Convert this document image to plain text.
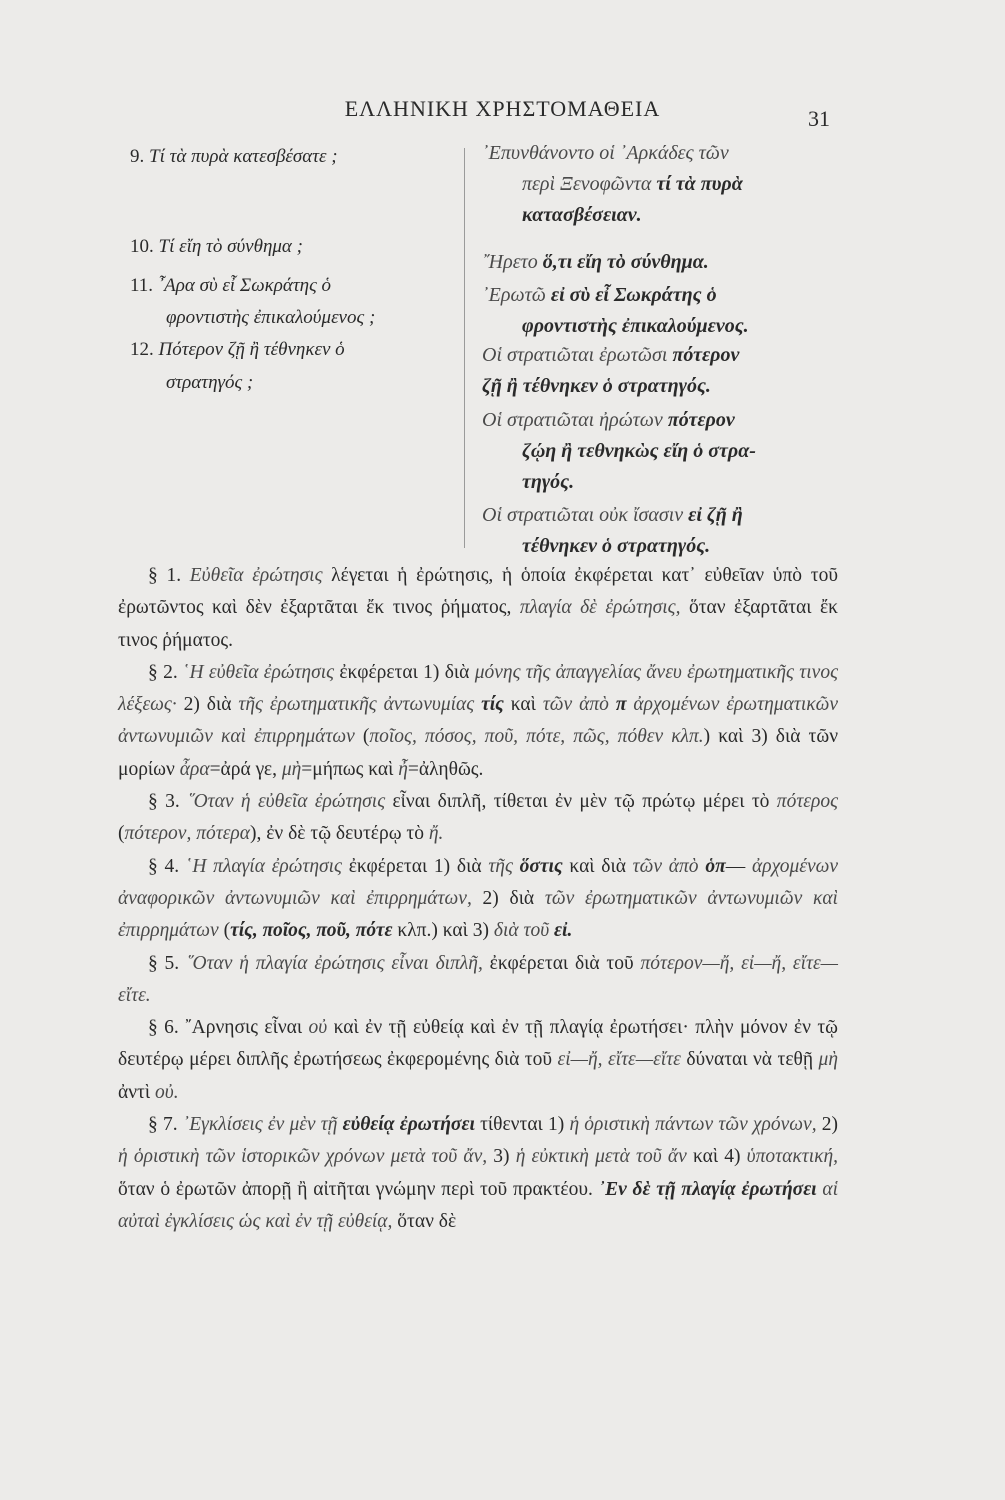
ΕΛΛΗΝΙΚΗ ΧΡΗΣΤΟΜΑΘΕΙΑ	31
9. Τί τὰ πυρὰ κατεσβέσατε ;
10. Τί εἴη τὸ σύνθημα ;
11. ῏Αρα σὺ εἶ Σωκράτης ὁ
φροντιστὴς ἐπικαλούμενος ;
12. Πότερον ζῇ ἢ τέθνηκεν ὁ
στρατηγός ;
᾿Επυνθάνοντο οἱ ᾿Αρκάδες τῶν
περὶ Ξενοφῶντα τί τὰ πυρὰ
κατασβέσειαν.
῎Ηρετο ὅ,τι εἴη τὸ σύνθημα.
᾿Ερωτῶ εἰ σὺ εἶ Σωκράτης ὁ
φροντιστὴς ἐπικαλούμενος.
Οἱ στρατιῶται ἐρωτῶσι πότερον
ζῇ ἢ τέθνηκεν ὁ στρατηγός.
Οἱ στρατιῶται ἠρώτων πότερον
ζῴη ἢ τεθνηκὼς εἴη ὁ στρα-
τηγός.
Οἱ στρατιῶται οὐκ ἴσασιν εἰ ζῇ ἢ
τέθνηκεν ὁ στρατηγός.

§ 1. Εὐθεῖα ἐρώτησις λέγεται ἡ ἐρώτησις, ἡ ὁποία ἐκφέρεται κατ᾿ εὐθεῖαν ὑπὸ τοῦ ἐρωτῶντος καὶ δὲν ἐξαρτᾶται ἔκ τινος ῥήματος, πλαγία δὲ ἐρώτησις, ὅταν ἐξαρτᾶται ἔκ τινος ῥήματος.

§ 2. ῾Η εὐθεῖα ἐρώτησις ἐκφέρεται 1) διὰ μόνης τῆς ἀπαγγελίας ἄνευ ἐρωτηματικῆς τινος λέξεως· 2) διὰ τῆς ἐρωτηματικῆς ἀντωνυμίας τίς καὶ τῶν ἀπὸ π ἀρχομένων ἐρωτηματικῶν ἀντωνυμιῶν καὶ ἐπιρρημάτων (ποῖος, πόσος, ποῦ, πότε, πῶς, πόθεν κλπ.) καὶ 3) διὰ τῶν μορίων ἆρα=ἀρά γε, μὴ=μήπως καὶ ἦ=ἀληθῶς.

§ 3. ῞Οταν ἡ εὐθεῖα ἐρώτησις εἶναι διπλῆ, τίθεται ἐν μὲν τῷ πρώτῳ μέρει τὸ πότερος (πότερον, πότερα), ἐν δὲ τῷ δευτέρῳ τὸ ἤ.

§ 4. ῾Η πλαγία ἐρώτησις ἐκφέρεται 1) διὰ τῆς ὅστις καὶ διὰ τῶν ἀπὸ ὁπ— ἀρχομένων ἀναφορικῶν ἀντωνυμιῶν καὶ ἐπιρρημάτων, 2) διὰ τῶν ἐρωτηματικῶν ἀντωνυμιῶν καὶ ἐπιρρημάτων (τίς, ποῖος, ποῦ, πότε κλπ.) καὶ 3) διὰ τοῦ εἰ.

§ 5. ῞Οταν ἡ πλαγία ἐρώτησις εἶναι διπλῆ, ἐκφέρεται διὰ τοῦ πότερον—ἤ, εἰ—ἤ, εἴτε—εἴτε.

§ 6. ῎Αρνησις εἶναι οὐ καὶ ἐν τῇ εὐθείᾳ καὶ ἐν τῇ πλαγίᾳ ἐρωτήσει· πλὴν μόνον ἐν τῷ δευτέρῳ μέρει διπλῆς ἐρωτήσεως ἐκφερομένης διὰ τοῦ εἰ—ἤ, εἴτε—εἴτε δύναται νὰ τεθῇ μὴ ἀντὶ οὐ.

§ 7. ᾿Εγκλίσεις ἐν μὲν τῇ εὐθείᾳ ἐρωτήσει τίθενται 1) ἡ ὁριστικὴ πάντων τῶν χρόνων, 2) ἡ ὁριστικὴ τῶν ἱστορικῶν χρόνων μετὰ τοῦ ἄν, 3) ἡ εὐκτικὴ μετὰ τοῦ ἄν καὶ 4) ὑποτακτική, ὅταν ὁ ἐρωτῶν ἀπορῇ ἢ αἰτῆται γνώμην περὶ τοῦ πρακτέου. ᾿Εν δὲ τῇ πλαγίᾳ ἐρωτήσει αἱ αὐταὶ ἐγκλίσεις ὡς καὶ ἐν τῇ εὐθείᾳ, ὅταν δὲ
